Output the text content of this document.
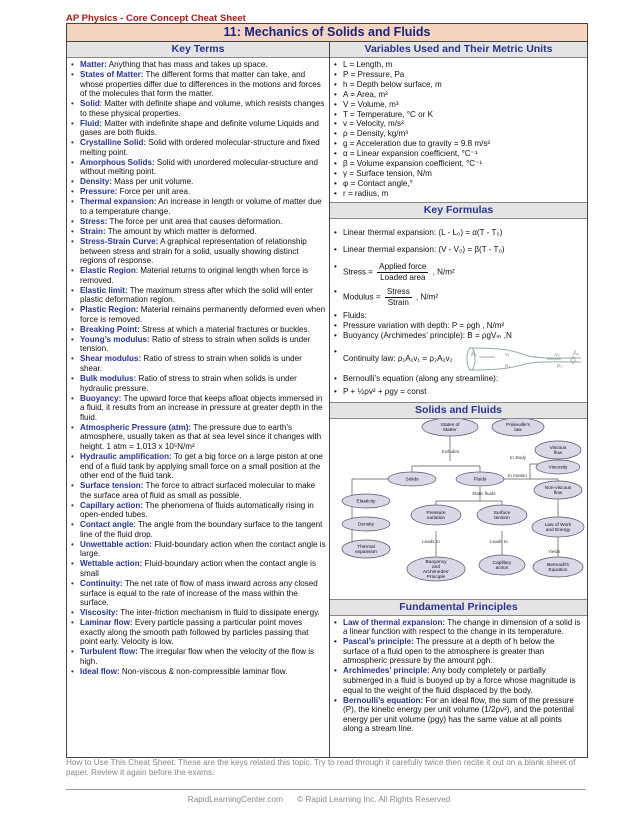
AP Physics - Core Concept Cheat Sheet
11: Mechanics of Solids and Fluids
Key Terms
• Matter: Anything that has mass and takes up space.
• States of Matter: The different forms that matter can take, and whose properties differ due to differences in the motions and forces of the molecules that form the matter.
• Solid: Matter with definite shape and volume, which resists changes to these physical properties.
• Fluid: Matter with indefinite shape and definite volume Liquids and gases are both fluids.
• Crystalline Solid: Solid with ordered molecular-structure and fixed melting point.
• Amorphous Solids: Solid with unordered molecular-structure and without melting point.
• Density: Mass per unit volume.
• Pressure: Force per unit area.
• Thermal expansion: An increase in length or volume of matter due to a temperature change.
• Stress: The force per unit area that causes deformation.
• Strain: The amount by which matter is deformed.
• Stress-Strain Curve: A graphical representation of relationship between stress and strain for a solid, usually showing distinct regions of response.
• Elastic Region: Material returns to original length when force is removed.
• Elastic limit: The maximum stress after which the solid will enter plastic deformation region.
• Plastic Region: Material remains permanently deformed even when force is removed.
• Breaking Point: Stress at which a material fractures or buckles.
• Young’s modulus: Ratio of stress to strain when solids is under tension.
• Shear modulus: Ratio of stress to strain when solids is under shear.
• Bulk modulus: Ratio of stress to strain when solids is under hydraulic pressure.
• Buoyancy: The upward force that keeps afloat objects immersed in a fluid, it results from an increase in pressure at greater depth in the fluid.
• Atmospheric Pressure (atm): The pressure due to earth’s atmosphere, usually taken as that at sea level since it changes with height. 1 atm = 1.013 x 10⁵N/m²
• Hydraulic amplification: To get a big force on a large piston at one end of a fluid tank by applying small force on a small position at the other end of the fluid tank.
• Surface tension: The force to attract surfaced molecular to make the surface area of fluid as small as possible.
• Capillary action: The phenomena of fluids automatically rising in open-ended tubes.
• Contact angle: The angle from the boundary surface to the tangent line of the fluid drop.
• Unwettable action: Fluid-boundary action when the contact angle is large.
• Wettable action: Fluid-boundary action when the contact angle is small
• Continuity: The net rate of flow of mass inward across any closed surface is equal to the rate of increase of the mass within the surface.
• Viscosity: The inter-friction mechanism in fluid to dissipate energy.
• Laminar flow: Every particle passing a particular point moves exactly along the smooth path followed by particles passing that point early. Velocity is low.
• Turbulent flow: The irregular flow when the velocity of the flow is high.
• Ideal flow: Non-viscous & non-compressible laminar flow.
Variables Used and Their Metric Units
• L = Length, m
• P = Pressure, Pa
• h = Depth below surface, m
• A = Area, m²
• V = Volume, m³
• T = Temperature, °C or K
• v = Velocity, m/s²
• ρ = Density, kg/m³
• g = Acceleration due to gravity = 9.8 m/s²
• α = Linear expansion coefficient, °C⁻¹
• β = Volume expansion coefficient, °C⁻¹
• γ = Surface tension, N/m
• φ = Contact angle,°
• r = radius, m
Key Formulas
• Linear thermal expansion: (L - L₀) = α(T - T₀)
• Linear thermal expansion: (V - V₀) = β(T - T₀)
• Stress = $\frac{\text{Applied force}}{\text{Loaded area}}$ , N/m²
• Modulus = $\frac{\text{Stress}}{\text{Strain}}$ , N/m²
• Fluids:
• Pressure variation with depth: P = ρgh , N/m²
• Buoyancy (Archimedes’ principle): B = ρgVₘ ,N
• Continuity law: ρ₁A₁v₁ = ρ₂A₂v₂	A₁	A₂
v₁	v₂
ρ₁	ρ₂
• Bernoulli’s equation (along any streamline):
• P + ½ρv² + ρgy = const
Solids and Fluids
Includes
In study
In motion
Static fluids
Leads to	Leads to
Yields
States of
Matter
Poiseuille's
law
Solids	Fluids
Viscous
flow
Viscosity
Elasticity
Non-viscous
flow
Density
Pressure
variation
Surface
tension
Law of Work
and Energy
Thermal
expansion
Buoyancy
and
Archimedes'
Principle
Capillary
action
Bernoulli's
Equation
Fundamental Principles
• Law of thermal expansion: The change in dimension of a solid is a linear function with respect to the change in its temperature.
• Pascal’s principle: The pressure at a depth of h below the surface of a fluid open to the atmosphere is greater than atmospheric pressure by the amount ρgh.
• Archimedes’ principle: Any body completely or partially submerged in a fluid is buoyed up by a force whose magnitude is equal to the weight of the fluid displaced by the body.
• Bernoulli’s equation: For an ideal flow, the sum of the pressure (P), the kinetic energy per unit volume (1/2ρv²), and the potential energy per unit volume (ρgy) has the same value at all points along a stream line.
How to Use This Cheat Sheet: These are the keys related this topic. Try to read through it carefully twice then recite it out on a blank sheet of paper. Review it again before the exams.
RapidLearningCenter.com © Rapid Learning Inc. All Rights Reserved
